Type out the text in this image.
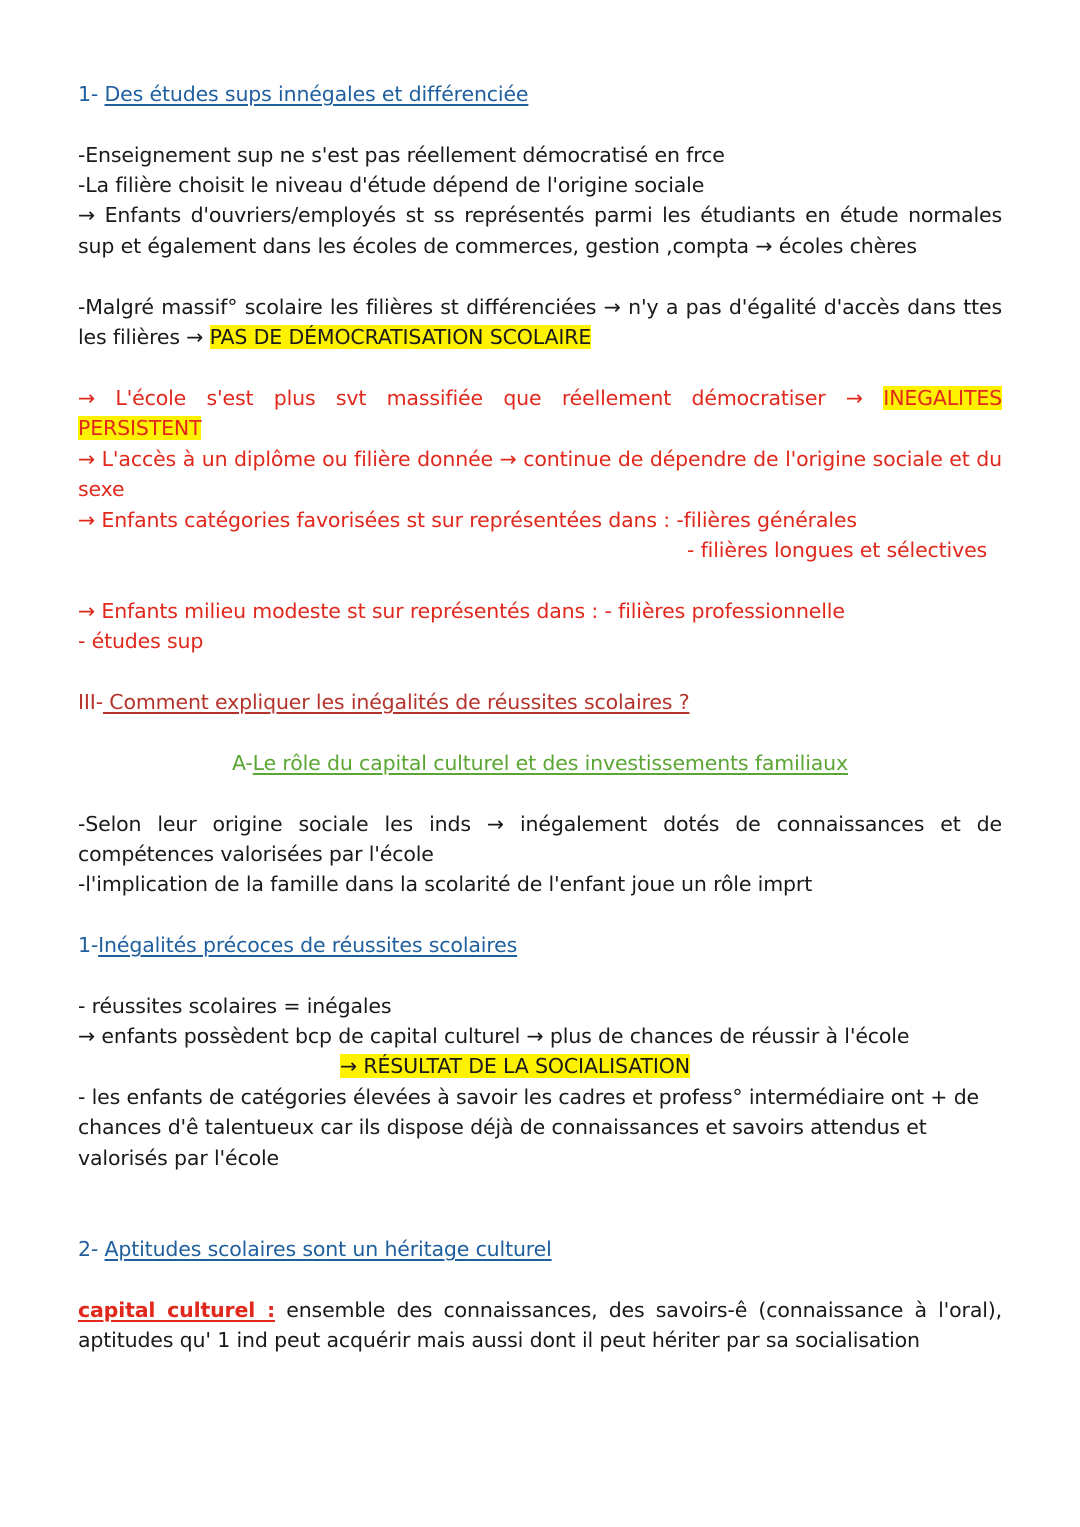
1- Des études sups innégales et différenciée
-Enseignement sup ne s'est pas réellement démocratisé en frce
-La filière choisit le niveau d'étude dépend de l'origine sociale
→ Enfants d'ouvriers/employés st ss représentés parmi les étudiants en étude normales
sup et également dans les écoles de commerces, gestion ,compta → écoles chères
-Malgré massif° scolaire les filières st différenciées → n'y a pas d'égalité d'accès dans ttes
les filières → PAS DE DÉMOCRATISATION SCOLAIRE
→ L'école s'est plus svt massifiée que réellement démocratiser → INEGALITES
PERSISTENT
→ L'accès à un diplôme ou filière donnée → continue de dépendre de l'origine sociale et du
sexe
→ Enfants catégories favorisées st sur représentées dans : -filières générales
- filières longues et sélectives
→ Enfants milieu modeste st sur représentés dans : - filières professionnelle
- études sup
III- Comment expliquer les inégalités de réussites scolaires ?
A-Le rôle du capital culturel et des investissements familiaux
-Selon leur origine sociale les inds → inégalement dotés de connaissances et de
compétences valorisées par l'école
-l'implication de la famille dans la scolarité de l'enfant joue un rôle imprt
1-Inégalités précoces de réussites scolaires
- réussites scolaires = inégales
→ enfants possèdent bcp de capital culturel → plus de chances de réussir à l'école
→ RÉSULTAT DE LA SOCIALISATION
- les enfants de catégories élevées à savoir les cadres et profess° intermédiaire ont + de
chances d'ê talentueux car ils dispose déjà de connaissances et savoirs attendus et
valorisés par l'école
2- Aptitudes scolaires sont un héritage culturel
capital culturel : ensemble des connaissances, des savoirs-ê (connaissance à l'oral),
aptitudes qu' 1 ind peut acquérir mais aussi dont il peut hériter par sa socialisation
